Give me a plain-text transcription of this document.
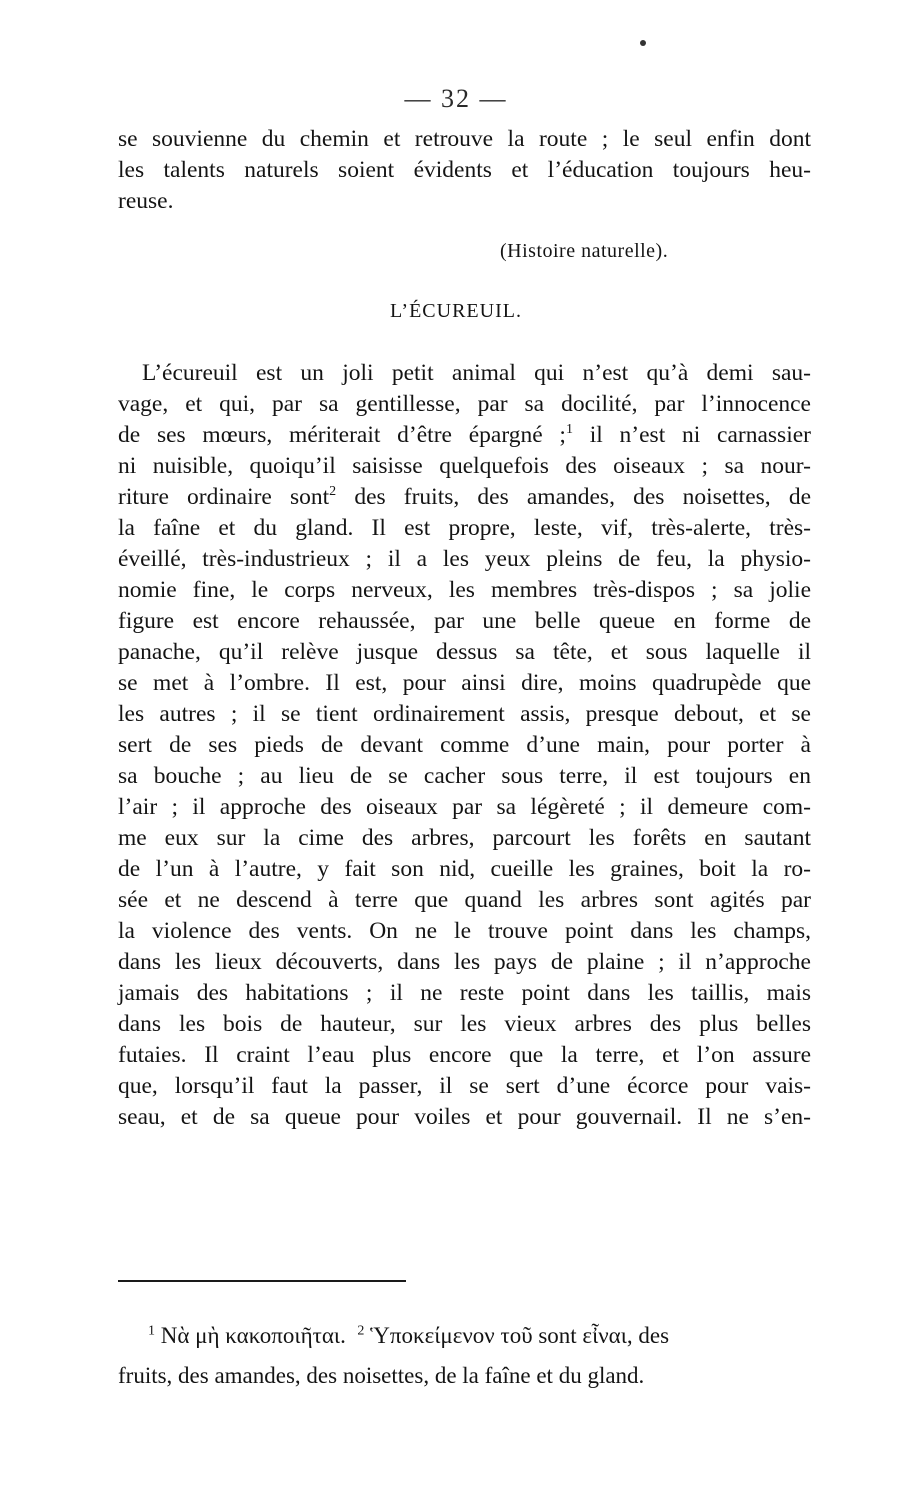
— 32 —
se souvienne du chemin et retrouve la route ; le seul enfin dont
les talents naturels soient évidents et l’éducation toujours heu-
reuse.
(Histoire naturelle).
L’ÉCUREUIL.
L’écureuil est un joli petit animal qui n’est qu’à demi sau-
vage, et qui, par sa gentillesse, par sa docilité, par l’innocence
de ses mœurs, mériterait d’être épargné ;$^1$ il n’est ni carnassier
ni nuisible, quoiqu’il saisisse quelquefois des oiseaux ; sa nour-
riture ordinaire sont$^2$ des fruits, des amandes, des noisettes, de
la faîne et du gland. Il est propre, leste, vif, très-alerte, très-
éveillé, très-industrieux ; il a les yeux pleins de feu, la physio-
nomie fine, le corps nerveux, les membres très-dispos ; sa jolie
figure est encore rehaussée, par une belle queue en forme de
panache, qu’il relève jusque dessus sa tête, et sous laquelle il
se met à l’ombre. Il est, pour ainsi dire, moins quadrupède que
les autres ; il se tient ordinairement assis, presque debout, et se
sert de ses pieds de devant comme d’une main, pour porter à
sa bouche ; au lieu de se cacher sous terre, il est toujours en
l’air ; il approche des oiseaux par sa légèreté ; il demeure com-
me eux sur la cime des arbres, parcourt les forêts en sautant
de l’un à l’autre, y fait son nid, cueille les graines, boit la ro-
sée et ne descend à terre que quand les arbres sont agités par
la violence des vents. On ne le trouve point dans les champs,
dans les lieux découverts, dans les pays de plaine ; il n’approche
jamais des habitations ; il ne reste point dans les taillis, mais
dans les bois de hauteur, sur les vieux arbres des plus belles
futaies. Il craint l’eau plus encore que la terre, et l’on assure
que, lorsqu’il faut la passer, il se sert d’une écorce pour vais-
seau, et de sa queue pour voiles et pour gouvernail. Il ne s’en-
$^1$ Νὰ μὴ κακοποιῆται. $^2$ Ὑποκείμενον τοῦ sont εἶναι, des
fruits, des amandes, des noisettes, de la faîne et du gland.
